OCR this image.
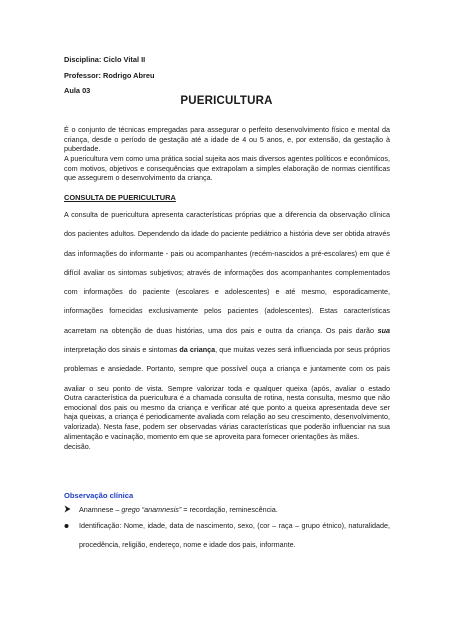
Disciplina: Ciclo Vital II
Professor: Rodrigo Abreu
Aula 03
PUERICULTURA
É o conjunto de técnicas empregadas para assegurar o perfeito desenvolvimento físico e mental da criança, desde o período de gestação até a idade de 4 ou 5 anos, e, por extensão, da gestação à puberdade.
A puericultura vem como uma prática social sujeita aos mais diversos agentes políticos e econômicos, com motivos, objetivos e consequências que extrapolam a simples elaboração de normas científicas que assegurem o desenvolvimento da criança.
CONSULTA DE PUERICULTURA
A consulta de puericultura apresenta características próprias que a diferencia da observação clínica dos pacientes adultos. Dependendo da idade do paciente pediátrico a história deve ser obtida através das informações do informante - pais ou acompanhantes (recém-nascidos a pré-escolares) em que é difícil avaliar os sintomas subjetivos; através de informações dos acompanhantes complementados com informações do paciente (escolares e adolescentes) e até mesmo, esporadicamente, informações fornecidas exclusivamente pelos pacientes (adolescentes). Estas características acarretam na obtenção de duas histórias, uma dos pais e outra da criança. Os pais darão sua interpretação dos sinais e sintomas da criança, que muitas vezes será influenciada por seus próprios problemas e ansiedade. Portanto, sempre que possível ouça a criança e juntamente com os pais avaliar o seu ponto de vista. Sempre valorizar toda e qualquer queixa (após, avaliar o estado emocional dos pais ou mesmo da criança e verificar até que ponto a queixa apresentada deve ser valorizada). Nesta fase, podem ser observadas várias características que poderão influenciar na sua decisão.
Outra característica da puericultura é a chamada consulta de rotina, nesta consulta, mesmo que não haja queixas, a criança é periodicamente avaliada com relação ao seu crescimento, desenvolvimento, alimentação e vacinação, momento em que se aproveita para fornecer orientações às mães.
Observação clínica
Anamnese – grego “anamnesis” = recordação, reminescência.
Identificação: Nome, idade, data de nascimento, sexo, (cor – raça – grupo étnico), naturalidade, procedência, religião, endereço, nome e idade dos pais, informante.
